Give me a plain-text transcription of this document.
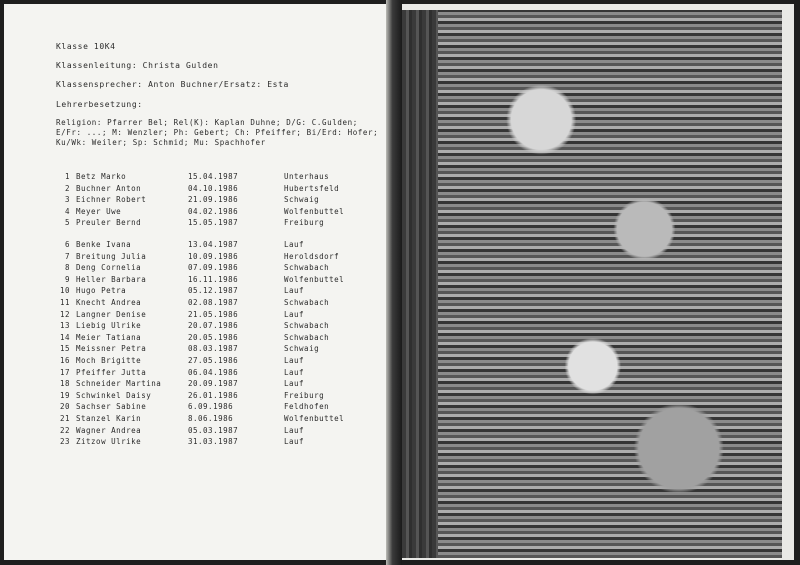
Klasse 10K4
Klassenleitung: Christa Gulden
Klassensprecher: Anton Buchner/Ersatz: Esta
Lehrerbesetzung:
Religion: Pfarrer Bel; Rel(K): Kaplan Duhne; D/G: C.Gulden; E/Fr: ...; M: Wenzler; Ph: Gebert; Ch: Pfeiffer; Bi/Erd: Hofer; Ku/Wk: Weiler; Sp: Schmid; Mu: Spachhofer
1 Betz Marko	15.04.1987	Unterhaus
2 Buchner Anton	04.10.1986	Hubertsfeld
3 Eichner Robert	21.09.1986	Schwaig
4 Meyer Uwe	04.02.1986	Wolfenbuttel
5 Preuler Bernd	15.05.1987	Freiburg
6 Benke Ivana	13.04.1987	Lauf
7 Breitung Julia	10.09.1986	Heroldsdorf
8 Deng Cornelia	07.09.1986	Schwabach
9 Heller Barbara	16.11.1986	Wolfenbuttel
10 Hugo Petra	05.12.1987	Lauf
11 Knecht Andrea	02.08.1987	Schwabach
12 Langner Denise	21.05.1986	Lauf
13 Liebig Ulrike	20.07.1986	Schwabach
14 Meier Tatiana	20.05.1986	Schwabach
15 Meissner Petra	08.03.1987	Schwaig
16 Moch Brigitte	27.05.1986	Lauf
17 Pfeiffer Jutta	06.04.1986	Lauf
18 Schneider Martina	20.09.1987	Lauf
19 Schwinkel Daisy	26.01.1986	Freiburg
20 Sachser Sabine	6.09.1986	Feldhofen
21 Stanzel Karin	8.06.1986	Wolfenbuttel
22 Wagner Andrea	05.03.1987	Lauf
23 Zitzow Ulrike	31.03.1987	Lauf
